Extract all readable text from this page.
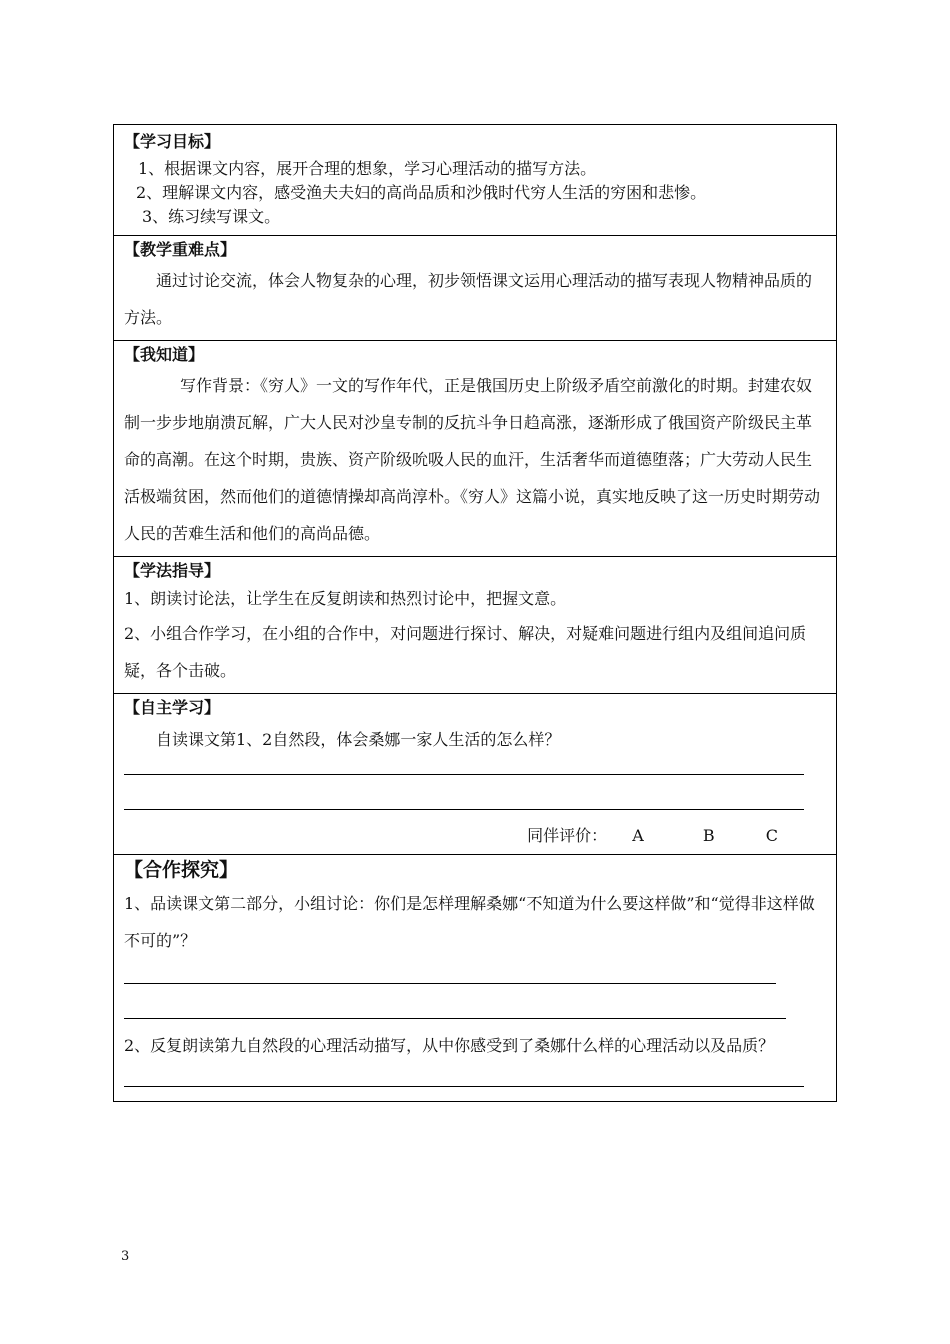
【学习目标】

1、根据课文内容，展开合理的想象，学习心理活动的描写方法。

2、理解课文内容，感受渔夫夫妇的高尚品质和沙俄时代穷人生活的穷困和悲惨。

3、练习续写课文。

【教学重难点】

通过讨论交流，体会人物复杂的心理，初步领悟课文运用心理活动的描写表现人物精神品质的方法。

【我知道】

写作背景：《穷人》一文的写作年代，正是俄国历史上阶级矛盾空前激化的时期。封建农奴制一步步地崩溃瓦解，广大人民对沙皇专制的反抗斗争日趋高涨，逐渐形成了俄国资产阶级民主革命的高潮。在这个时期，贵族、资产阶级吮吸人民的血汗，生活奢华而道德堕落；广大劳动人民生活极端贫困，然而他们的道德情操却高尚淳朴。《穷人》这篇小说，真实地反映了这一历史时期劳动人民的苦难生活和他们的高尚品德。

【学法指导】

1、朗读讨论法，让学生在反复朗读和热烈讨论中，把握文意。

2、小组合作学习，在小组的合作中，对问题进行探讨、解决，对疑难问题进行组内及组间追问质疑，各个击破。

【自主学习】

自读课文第1、2自然段，体会桑娜一家人生活的怎么样？

同伴评价： A	B	C

【合作探究】

1、品读课文第二部分，小组讨论：你们是怎样理解桑娜“不知道为什么要这样做”和“觉得非这样做不可的”？

2、反复朗读第九自然段的心理活动描写，从中你感受到了桑娜什么样的心理活动以及品质？

3
